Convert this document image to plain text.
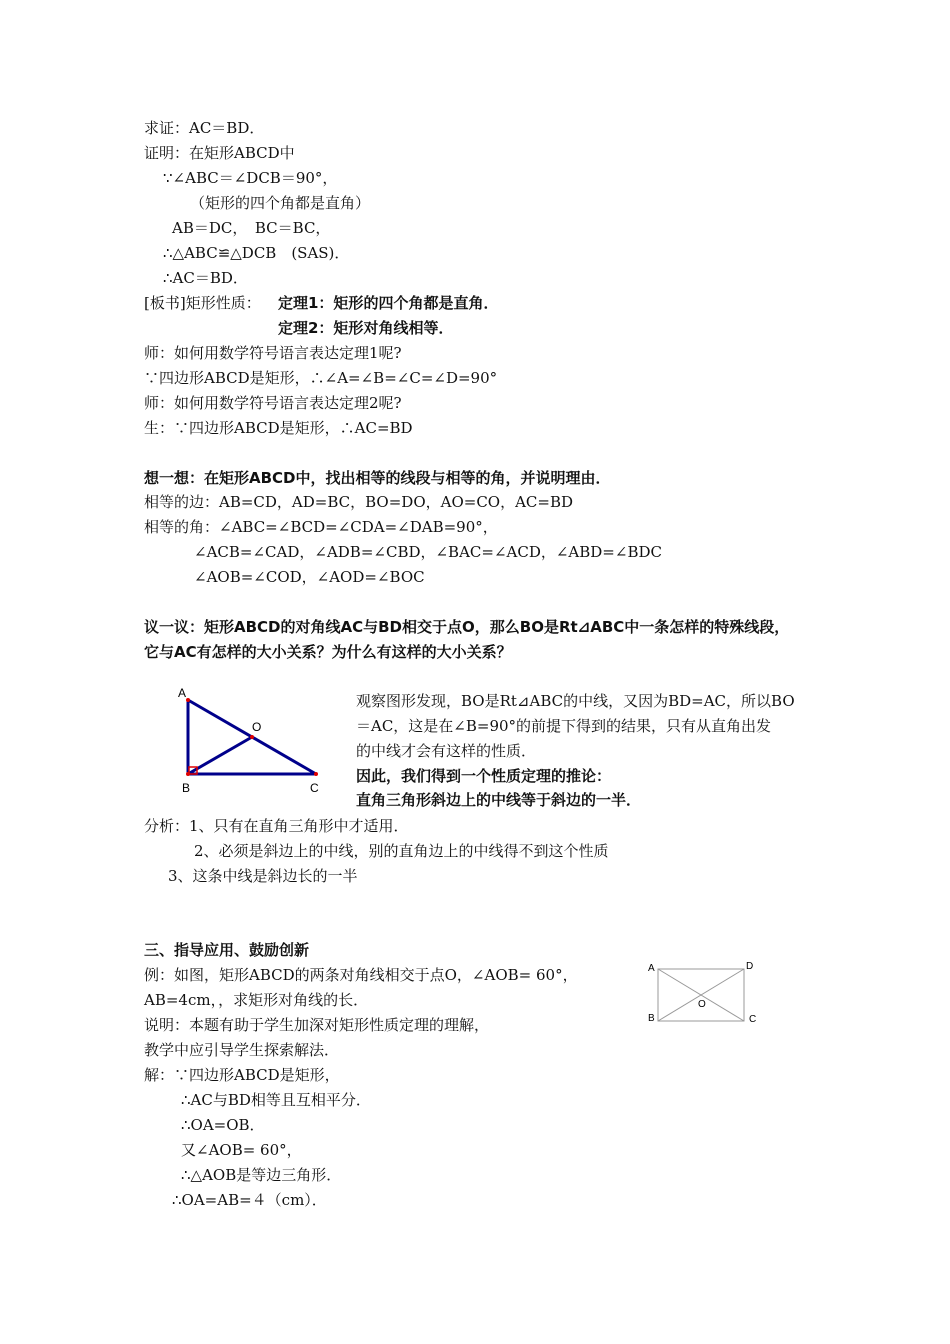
求证：AC＝BD．
证明：在矩形ABCD中
∵∠ABC＝∠DCB＝90°，
（矩形的四个角都是直角）
AB＝DC，　BC＝BC，
∴△ABC≌△DCB　(SAS)．
∴AC＝BD．
[板书]矩形性质： 定理1：矩形的四个角都是直角．
定理2：矩形对角线相等．
师：如何用数学符号语言表达定理1呢?
∵四边形ABCD是矩形，∴∠A=∠B=∠C=∠D=90°
师：如何用数学符号语言表达定理2呢?
生：∵四边形ABCD是矩形，∴AC=BD
想一想：在矩形ABCD中，找出相等的线段与相等的角，并说明理由．
相等的边：AB=CD，AD=BC，BO=DO，AO=CO，AC=BD
相等的角：∠ABC=∠BCD=∠CDA=∠DAB=90°，
∠ACB=∠CAD，∠ADB=∠CBD，∠BAC=∠ACD，∠ABD=∠BDC
∠AOB=∠COD，∠AOD=∠BOC
议一议：矩形ABCD的对角线AC与BD相交于点O，那么BO是Rt⊿ABC中一条怎样的特殊线段，
它与AC有怎样的大小关系？为什么有这样的大小关系？
A
O
B	C
观察图形发现，BO是Rt⊿ABC的中线，又因为BD=AC，所以BO
＝AC，这是在∠B=90°的前提下得到的结果，只有从直角出发
的中线才会有这样的性质．
因此，我们得到一个性质定理的推论：
直角三角形斜边上的中线等于斜边的一半．
分析：1、只有在直角三角形中才适用．
2、必须是斜边上的中线，别的直角边上的中线得不到这个性质
3、这条中线是斜边长的一半
三、指导应用、鼓励创新
例：如图，矩形ABCD的两条对角线相交于点O，∠AOB= 60°，
AB=4cm，，求矩形对角线的长．
说明：本题有助于学生加深对矩形性质定理的理解，
教学中应引导学生探索解法．
解：∵四边形ABCD是矩形，
∴AC与BD相等且互相平分．
∴OA=OB．
又∠AOB= 60°，
∴△AOB是等边三角形．
∴OA=AB=４（cm）．
A	D
O
B	C
